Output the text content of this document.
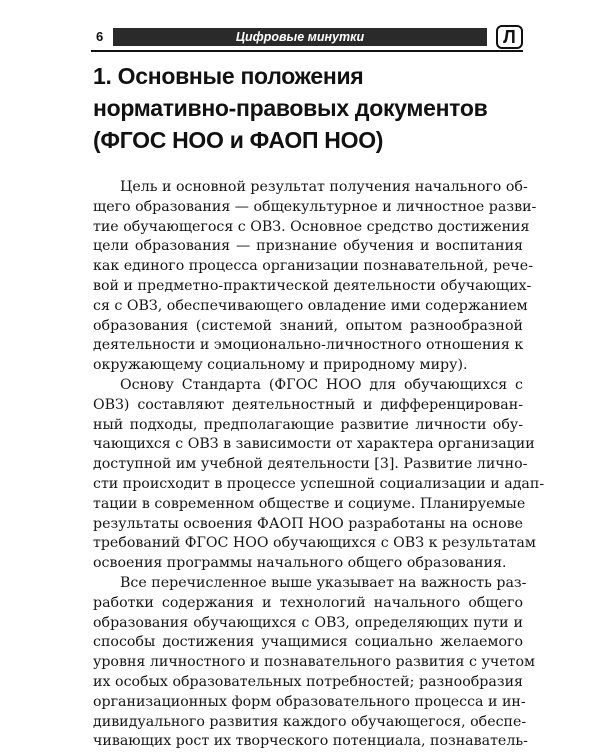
6	Цифровые минутки	Л
1. Основные положения
нормативно-правовых документов
(ФГОС НОО и ФАОП НОО)
Цель и основной результат получения начального об-
щего образования — общекультурное и личностное разви-
тие обучающегося с ОВЗ. Основное средство достижения
цели образования — признание обучения и воспитания
как единого процесса организации познавательной, рече-
вой и предметно-практической деятельности обучающих-
ся с ОВЗ, обеспечивающего овладение ими содержанием
образования (системой знаний, опытом разнообразной
деятельности и эмоционально-личностного отношения к
окружающему социальному и природному миру).
Основу Стандарта (ФГОС НОО для обучающихся с
ОВЗ) составляют деятельностный и дифференцирован-
ный подходы, предполагающие развитие личности обу-
чающихся с ОВЗ в зависимости от характера организации
доступной им учебной деятельности [3]. Развитие лично-
сти происходит в процессе успешной социализации и адап-
тации в современном обществе и социуме. Планируемые
результаты освоения ФАОП НОО разработаны на основе
требований ФГОС НОО обучающихся с ОВЗ к результатам
освоения программы начального общего образования.
Все перечисленное выше указывает на важность раз-
работки содержания и технологий начального общего
образования обучающихся с ОВЗ, определяющих пути и
способы достижения учащимися социально желаемого
уровня личностного и познавательного развития с учетом
их особых образовательных потребностей; разнообразия
организационных форм образовательного процесса и ин-
дивидуального развития каждого обучающегося, обеспе-
чивающих рост их творческого потенциала, познаватель-
